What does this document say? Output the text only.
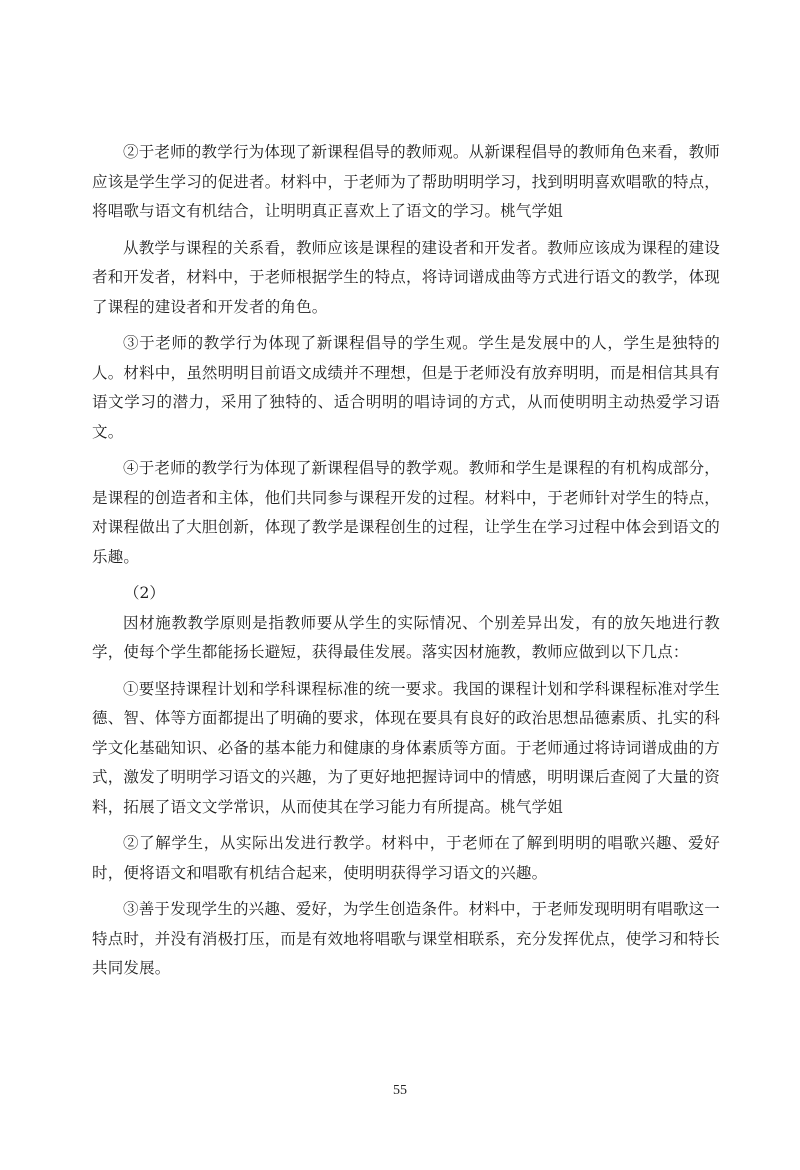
②于老师的教学行为体现了新课程倡导的教师观。从新课程倡导的教师角色来看，教师应该是学生学习的促进者。材料中，于老师为了帮助明明学习，找到明明喜欢唱歌的特点，将唱歌与语文有机结合，让明明真正喜欢上了语文的学习。桃气学姐

从教学与课程的关系看，教师应该是课程的建设者和开发者。教师应该成为课程的建设者和开发者，材料中，于老师根据学生的特点，将诗词谱成曲等方式进行语文的教学，体现了课程的建设者和开发者的角色。

③于老师的教学行为体现了新课程倡导的学生观。学生是发展中的人，学生是独特的人。材料中，虽然明明目前语文成绩并不理想，但是于老师没有放弃明明，而是相信其具有语文学习的潜力，采用了独特的、适合明明的唱诗词的方式，从而使明明主动热爱学习语文。

④于老师的教学行为体现了新课程倡导的教学观。教师和学生是课程的有机构成部分，是课程的创造者和主体，他们共同参与课程开发的过程。材料中，于老师针对学生的特点，对课程做出了大胆创新，体现了教学是课程创生的过程，让学生在学习过程中体会到语文的乐趣。

（2）

因材施教教学原则是指教师要从学生的实际情况、个别差异出发，有的放矢地进行教学，使每个学生都能扬长避短，获得最佳发展。落实因材施教，教师应做到以下几点：

①要坚持课程计划和学科课程标准的统一要求。我国的课程计划和学科课程标准对学生德、智、体等方面都提出了明确的要求，体现在要具有良好的政治思想品德素质、扎实的科学文化基础知识、必备的基本能力和健康的身体素质等方面。于老师通过将诗词谱成曲的方式，激发了明明学习语文的兴趣，为了更好地把握诗词中的情感，明明课后查阅了大量的资料，拓展了语文文学常识，从而使其在学习能力有所提高。桃气学姐

②了解学生，从实际出发进行教学。材料中，于老师在了解到明明的唱歌兴趣、爱好时，便将语文和唱歌有机结合起来，使明明获得学习语文的兴趣。

③善于发现学生的兴趣、爱好，为学生创造条件。材料中，于老师发现明明有唱歌这一特点时，并没有消极打压，而是有效地将唱歌与课堂相联系，充分发挥优点，使学习和特长共同发展。

55
